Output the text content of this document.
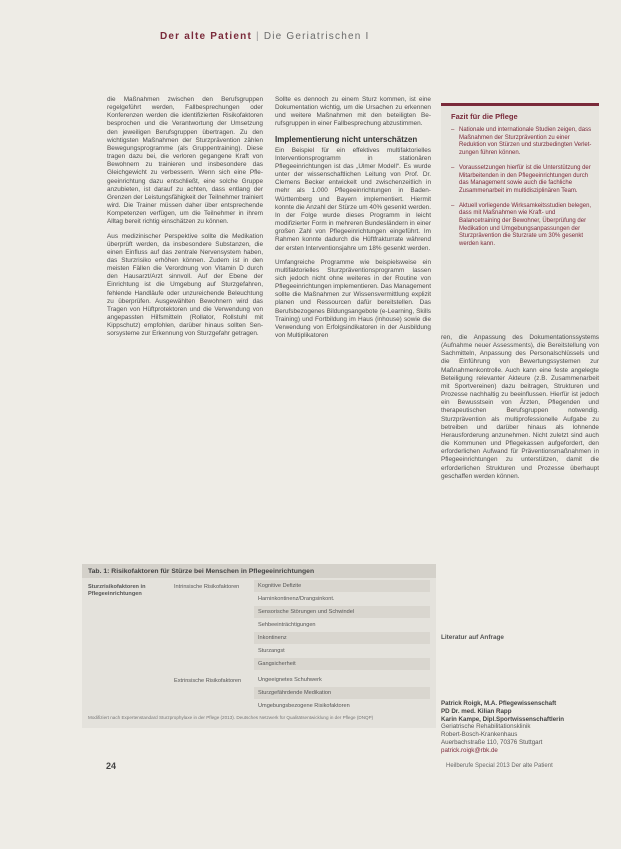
Der alte Patient | Die Geriatrischen I

die Maßnahmen zwischen den Berufsgruppen regelgeführt werden, Fallbesprechungen oder Konferenzen werden die identifizierten Risikofaktoren besprochen und die Verantwortung der Umsetzung den jeweiligen Berufsgruppen übertragen. Zu den wichtigsten Maßnahmen der Sturzprävention zählen Bewegungsprogramme (als Gruppentraining). Diese tragen dazu bei, die verloren gegangene Kraft von Bewohnern zu trainieren und insbesondere das Gleichgewicht zu verbessern. Wenn sich eine Pflegeeinrichtung dazu entschließt, eine solche Gruppe anzubieten, ist darauf zu achten, dass entlang der Grenzen der Leistungsfähigkeit der Teilnehmer trainiert wird. Die Trainer müssen daher über entsprechende Kompetenzen verfügen, um die Teilnehmer in ihrem Alltag bereit richtig einschätzen zu können.

Aus medizinischer Perspektive sollte die Medikation überprüft werden, da insbesondere Substanzen, die einen Einfluss auf das zentrale Nervensystem haben, das Sturzrisiko erhöhen können. Zudem ist in den meisten Fällen die Verordnung von Vitamin D durch den Hausarzt/Arzt sinnvoll. Auf der Ebene der Einrichtung ist die Umgebung auf Sturzgefahren, fehlende Handläufe oder unzureichende Beleuchtung zu überprüfen. Ausgewählten Bewohnern wird das Tragen von Hüftprotektoren und die Verwendung von angepassten Hilfsmitteln (Rollator, Rollstuhl mit Kippschutz) empfohlen, darüber hinaus sollten Sensorsysteme zur Erkennung von Sturzgefahr getragen.

Sollte es dennoch zu einem Sturz kommen, ist eine Dokumentation wichtig, um die Ursachen zu erkennen und weitere Maßnahmen mit den beteiligten Berufsgruppen in einer Fallbesprechung abzustimmen.

Implementierung nicht unterschätzen

Ein Beispiel für ein effektives multifaktorielles Interventionsprogramm in stationären Pflegeeinrichtungen ist das „Ulmer Modell“. Es wurde unter der wissenschaftlichen Leitung von Prof. Dr. Clemens Becker entwickelt und zwischenzeitlich in mehr als 1.000 Pflegeeinrichtungen in Baden-Württemberg und Bayern implementiert. Hiermit konnte die Anzahl der Stürze um 40% gesenkt werden. In der Folge wurde dieses Programm in leicht modifizierter Form in mehreren Bundesländern in einer großen Zahl von Pflegeeinrichtungen eingeführt. Im Rahmen konnte dadurch die Hüftfrakturrate während der ersten Interventionsjahre um 18% gesenkt werden.

Umfangreiche Programme wie beispielsweise ein multifaktorielles Sturzpräventionsprogramm lassen sich jedoch nicht ohne weiteres in der Routine von Pflegeeinrichtungen implementieren. Das Management sollte die Maßnahmen zur Wissensvermittlung explizit planen und Ressourcen dafür bereitstellen. Das Berufsbezogenes Bildungsangebote (e-Learning, Skills Training) und Fortbildung im Haus (inhouse) sowie die Verwendung von Erfolgsindikatoren in der Ausbildung von Multiplikatoren

Fazit für die Pflege
– Nationale und internationale Studien zeigen, dass Maßnahmen der Sturzprävention zu einer Reduktion von Stürzen und sturzbedingten Verletzungen führen können.
– Voraussetzungen hierfür ist die Unterstützung der Mitarbeitenden in den Pflegeeinrichtungen durch das Management sowie auch die fachliche Zusammenarbeit im multidisziplinären Team.
– Aktuell vorliegende Wirksamkeitsstudien belegen, dass mit Maßnahmen wie Kraft- und Balancetraining der Bewohner, Überprüfung der Medikation und Umgebungsanpassungen der Sturzprävention die Sturzrate um 30% gesenkt werden kann.

ren, die Anpassung des Dokumentationssystems (Aufnahme neuer Assessments), die Bereitstellung von Sachmitteln, Anpassung des Personalschlüssels und die Einführung von Bewertungssystemen zur Maßnahmenkontrolle. Auch kann eine feste angelegte Beteiligung relevanter Akteure (z.B. Zusammenarbeit mit Sportvereinen) dazu beitragen, Strukturen und Prozesse nachhaltig zu beeinflussen. Hierfür ist jedoch ein Bewusstsein von Ärzten, Pflegenden und therapeutischen Berufsgruppen notwendig. Sturzprävention als multiprofessionelle Aufgabe zu betreiben und darüber hinaus als lohnende Herausforderung anzunehmen. Nicht zuletzt sind auch die Kommunen und Pflegekassen aufgefordert, den erforderlichen Aufwand für Präventionsmaßnahmen in Pflegeeinrichtungen zu unterstützen, damit die erforderlichen Strukturen und Prozesse überhaupt geschaffen werden können.

Tab. 1: Risikofaktoren für Stürze bei Menschen in Pflegeeinrichtungen
Sturzrisikofaktoren in Pflegeeinrichtungen
Intrinsische Risikofaktoren
Extrinsische Risikofaktoren
Kognitive Defizite
Harninkontinenz/Drangsinkont.
Sensorische Störungen und Schwindel
Sehbeeinträchtigungen
Inkontinenz
Sturzangst
Gangsicherheit
Ungeeignetes Schuhwerk
Sturzgefährdende Medikation
Umgebungsbezogene Risikofaktoren
Modifiziert nach Expertenstandard Sturzprophylaxe in der Pflege (2013). Deutsches Netzwerk für Qualitätsentwicklung in der Pflege (DNQP)
Literatur auf Anfrage
Patrick Roigk, M.A. Pflegewissenschaft
PD Dr. med. Kilian Rapp
Karin Kampe, Dipl.Sportwissenschaftlerin
Geriatrische Rehabilitationsklinik
Robert-Bosch-Krankenhaus
Auerbachstraße 110, 70376 Stuttgart
patrick.roigk@rbk.de
24	Heilberufe Special 2013 Der alte Patient
